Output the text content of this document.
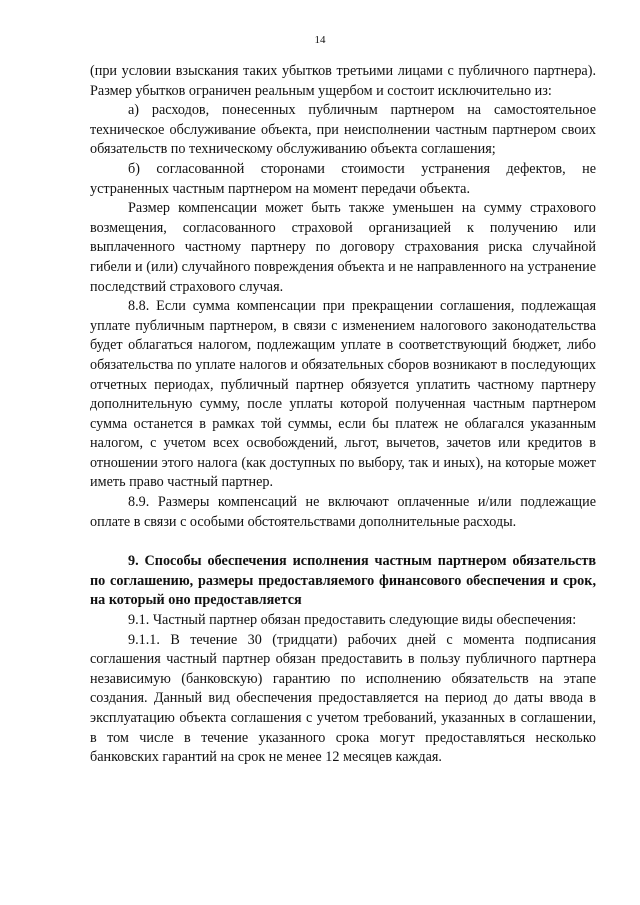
14

(при условии взыскания таких убытков третьими лицами с публичного партнера). Размер убытков ограничен реальным ущербом и состоит исключительно из:

а) расходов, понесенных публичным партнером на самостоятельное техническое обслуживание объекта, при неисполнении частным партнером своих обязательств по техническому обслуживанию объекта соглашения;

б) согласованной сторонами стоимости устранения дефектов, не устраненных частным партнером на момент передачи объекта.

Размер компенсации может быть также уменьшен на сумму страхового возмещения, согласованного страховой организацией к получению или выплаченного частному партнеру по договору страхования риска случайной гибели и (или) случайного повреждения объекта и не направленного на устранение последствий страхового случая.

8.8. Если сумма компенсации при прекращении соглашения, подлежащая уплате публичным партнером, в связи с изменением налогового законодательства будет облагаться налогом, подлежащим уплате в соответствующий бюджет, либо обязательства по уплате налогов и обязательных сборов возникают в последующих отчетных периодах, публичный партнер обязуется уплатить частному партнеру дополнительную сумму, после уплаты которой полученная частным партнером сумма останется в рамках той суммы, если бы платеж не облагался указанным налогом, с учетом всех освобождений, льгот, вычетов, зачетов или кредитов в отношении этого налога (как доступных по выбору, так и иных), на которые может иметь право частный партнер.

8.9. Размеры компенсаций не включают оплаченные и/или подлежащие оплате в связи с особыми обстоятельствами дополнительные расходы.

9. Способы обеспечения исполнения частным партнером обязательств по соглашению, размеры предоставляемого финансового обеспечения и срок, на который оно предоставляется

9.1. Частный партнер обязан предоставить следующие виды обеспечения:

9.1.1. В течение 30 (тридцати) рабочих дней с момента подписания соглашения частный партнер обязан предоставить в пользу публичного партнера независимую (банковскую) гарантию по исполнению обязательств на этапе создания. Данный вид обеспечения предоставляется на период до даты ввода в эксплуатацию объекта соглашения с учетом требований, указанных в соглашении, в том числе в течение указанного срока могут предоставляться несколько банковских гарантий на срок не менее 12 месяцев каждая.
